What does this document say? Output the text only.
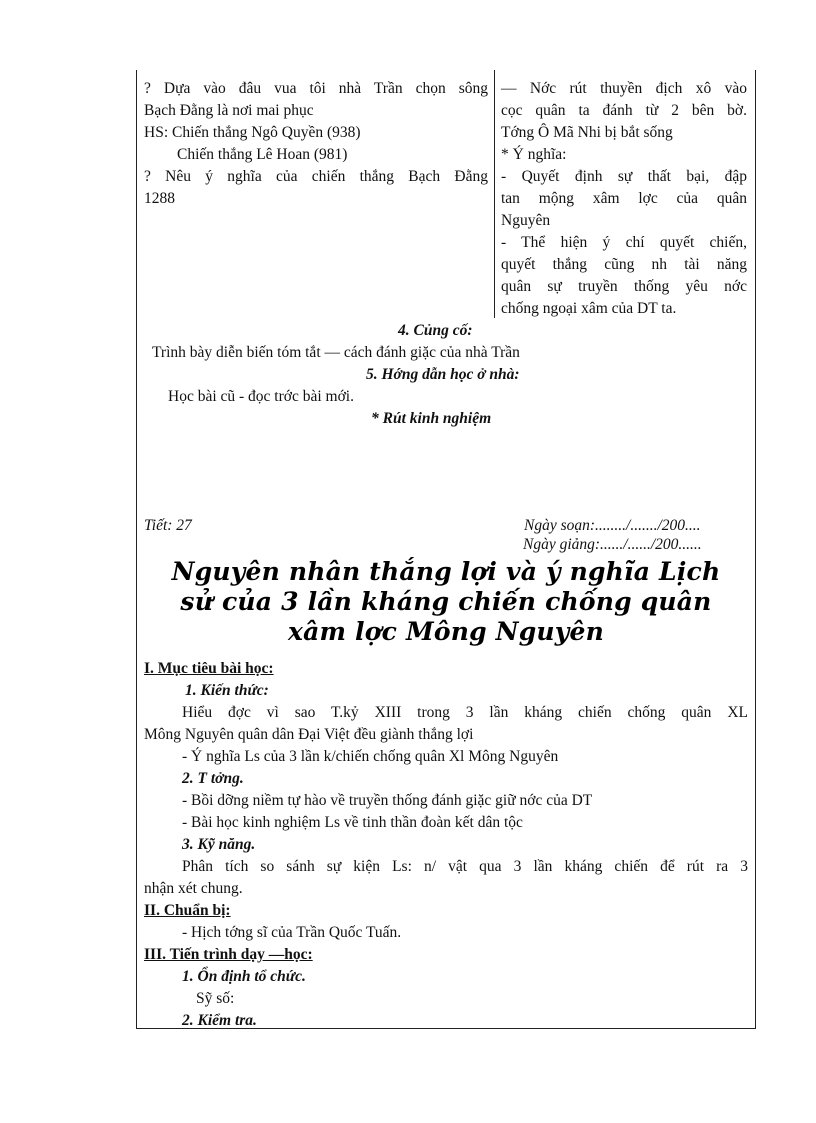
? Dựa vào đâu vua tôi nhà Trần chọn sông
Bạch Đằng là nơi mai phục
HS: Chiến thắng Ngô Quyền (938)
Chiến thắng Lê Hoan (981)
? Nêu ý nghĩa của chiến thắng Bạch Đằng
1288
— Nớc rút thuyền địch xô vào
cọc quân ta đánh từ 2 bên bờ.
Tớng Ô Mã Nhi bị bắt sống
* Ý nghĩa:
- Quyết định sự thất bại, đập
tan mộng xâm lợc của quân
Nguyên
- Thể hiện ý chí quyết chiến,
quyết thắng cũng nh tài năng
quân sự truyền thống yêu nớc
chống ngoại xâm của DT ta.
4. Củng cố:
Trình bày diễn biến tóm tắt — cách đánh giặc của nhà Trần
5. Hớng dẫn học ở nhà:
Học bài cũ - đọc trớc bài mới.
* Rút kinh nghiệm
Tiết: 27	Ngày soạn:......../......./200....
Ngày giảng:....../....../200......
Nguyên nhân thắng lợi và ý nghĩa Lịch
sử của 3 lần kháng chiến chống quân
xâm lợc Mông Nguyên
I. Mục tiêu bài học:
1. Kiến thức:
Hiểu đợc vì sao T.kỷ XIII trong 3 lần kháng chiến chống quân XL
Mông Nguyên quân dân Đại Việt đều giành thắng lợi
- Ý nghĩa Ls của 3 lần k/chiến chống quân Xl Mông Nguyên
2. T tởng.
- Bồi dỡng niềm tự hào về truyền thống đánh giặc giữ nớc của DT
- Bài học kinh nghiệm Ls về tinh thần đoàn kết dân tộc
3. Kỹ năng.
Phân tích so sánh sự kiện Ls: n/ vật qua 3 lần kháng chiến để rút ra 3
nhận xét chung.
II. Chuẩn bị:
- Hịch tớng sĩ của Trần Quốc Tuấn.
III. Tiến trình dạy —học:
1. Ổn định tổ chức.
Sỹ số:
2. Kiểm tra.
